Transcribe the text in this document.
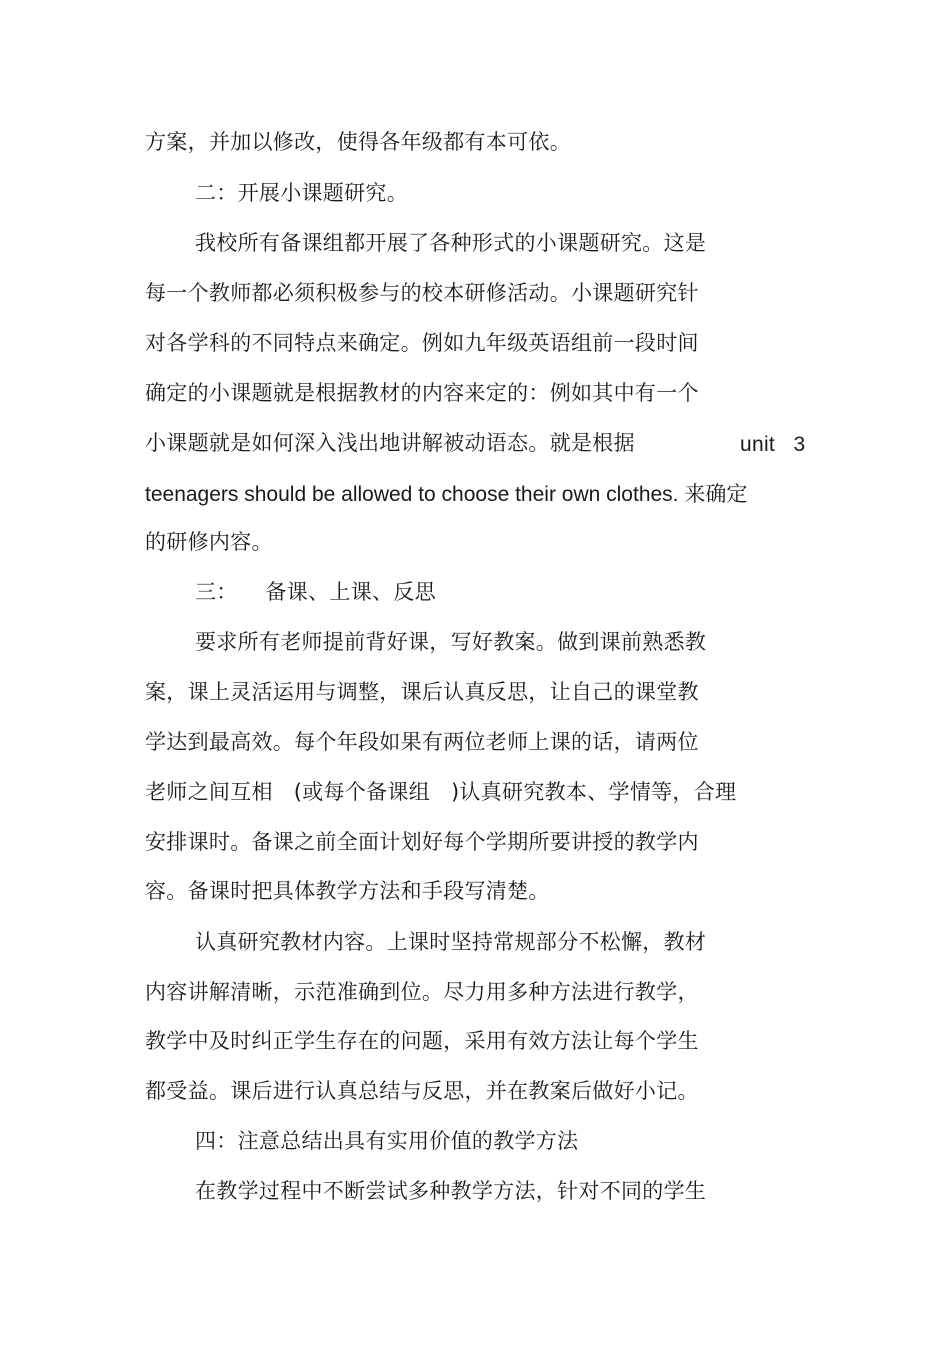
方案，并加以修改，使得各年级都有本可依。
二：开展小课题研究。
我校所有备课组都开展了各种形式的小课题研究。这是
每一个教师都必须积极参与的校本研修活动。小课题研究针
对各学科的不同特点来确定。例如九年级英语组前一段时间
确定的小课题就是根据教材的内容来定的：例如其中有一个
小课题就是如何深入浅出地讲解被动语态。就是根据	unit   3
teenagers should be allowed to choose their own clothes. 来确定
的研修内容。
三：    备课、上课、反思
要求所有老师提前背好课，写好教案。做到课前熟悉教
案，课上灵活运用与调整，课后认真反思，让自己的课堂教
学达到最高效。每个年段如果有两位老师上课的话，请两位
老师之间互相   (或每个备课组   )认真研究教本、学情等，合理
安排课时。备课之前全面计划好每个学期所要讲授的教学内
容。备课时把具体教学方法和手段写清楚。
认真研究教材内容。上课时坚持常规部分不松懈，教材
内容讲解清晰，示范准确到位。尽力用多种方法进行教学，
教学中及时纠正学生存在的问题，采用有效方法让每个学生
都受益。课后进行认真总结与反思，并在教案后做好小记。
四：注意总结出具有实用价值的教学方法
在教学过程中不断尝试多种教学方法，针对不同的学生
